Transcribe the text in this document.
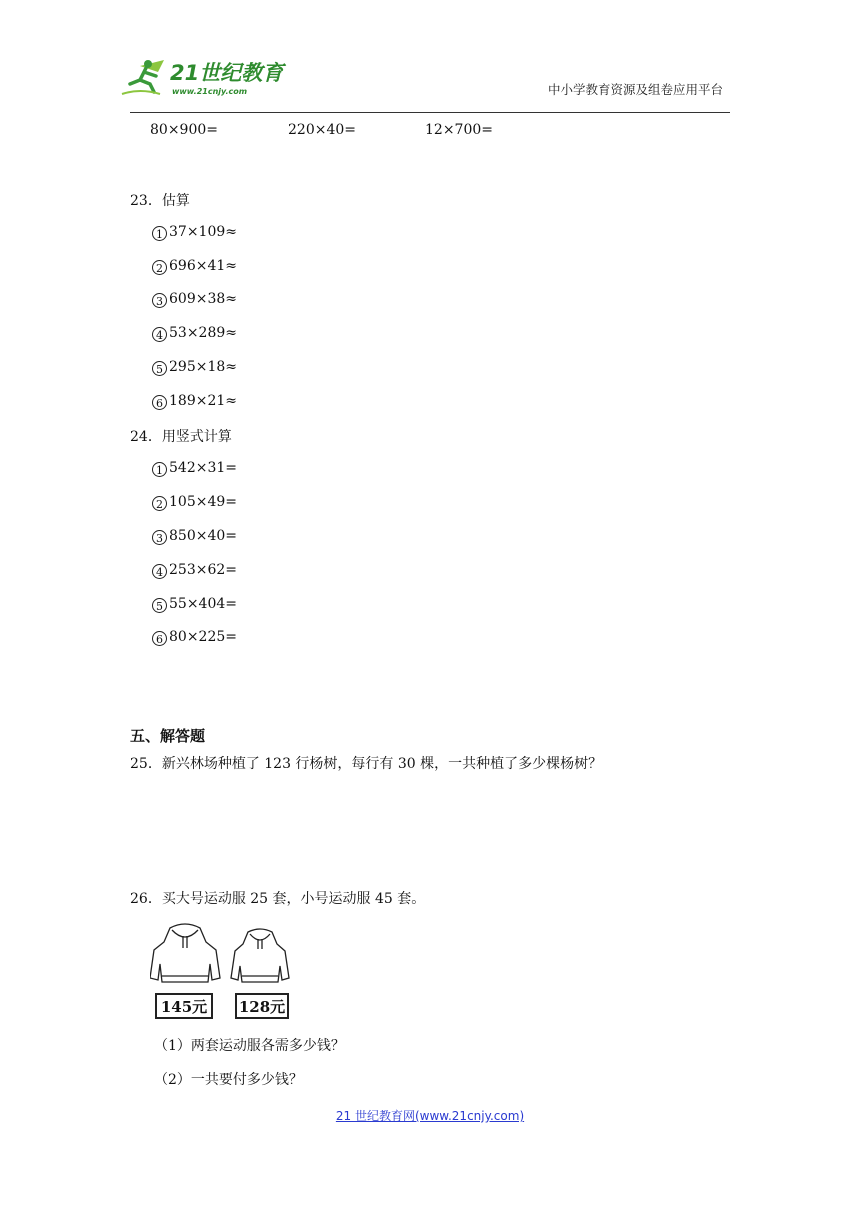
21世纪教育
www.21cnjy.com	中小学教育资源及组卷应用平台
80×900=	220×40=	12×700=
23．估算
1 37×109≈
2 696×41≈
3 609×38≈
4 53×289≈
5 295×18≈
6 189×21≈
24．用竖式计算
1 542×31=
2 105×49=
3 850×40=
4 253×62=
5 55×404=
6 80×225=
五、解答题
25．新兴林场种植了 123 行杨树，每行有 30 棵，一共种植了多少棵杨树？
26．买大号运动服 25 套，小号运动服 45 套。
145元 128元
（1）两套运动服各需多少钱？
（2）一共要付多少钱？
21 世纪教育网(www.21cnjy.com)
